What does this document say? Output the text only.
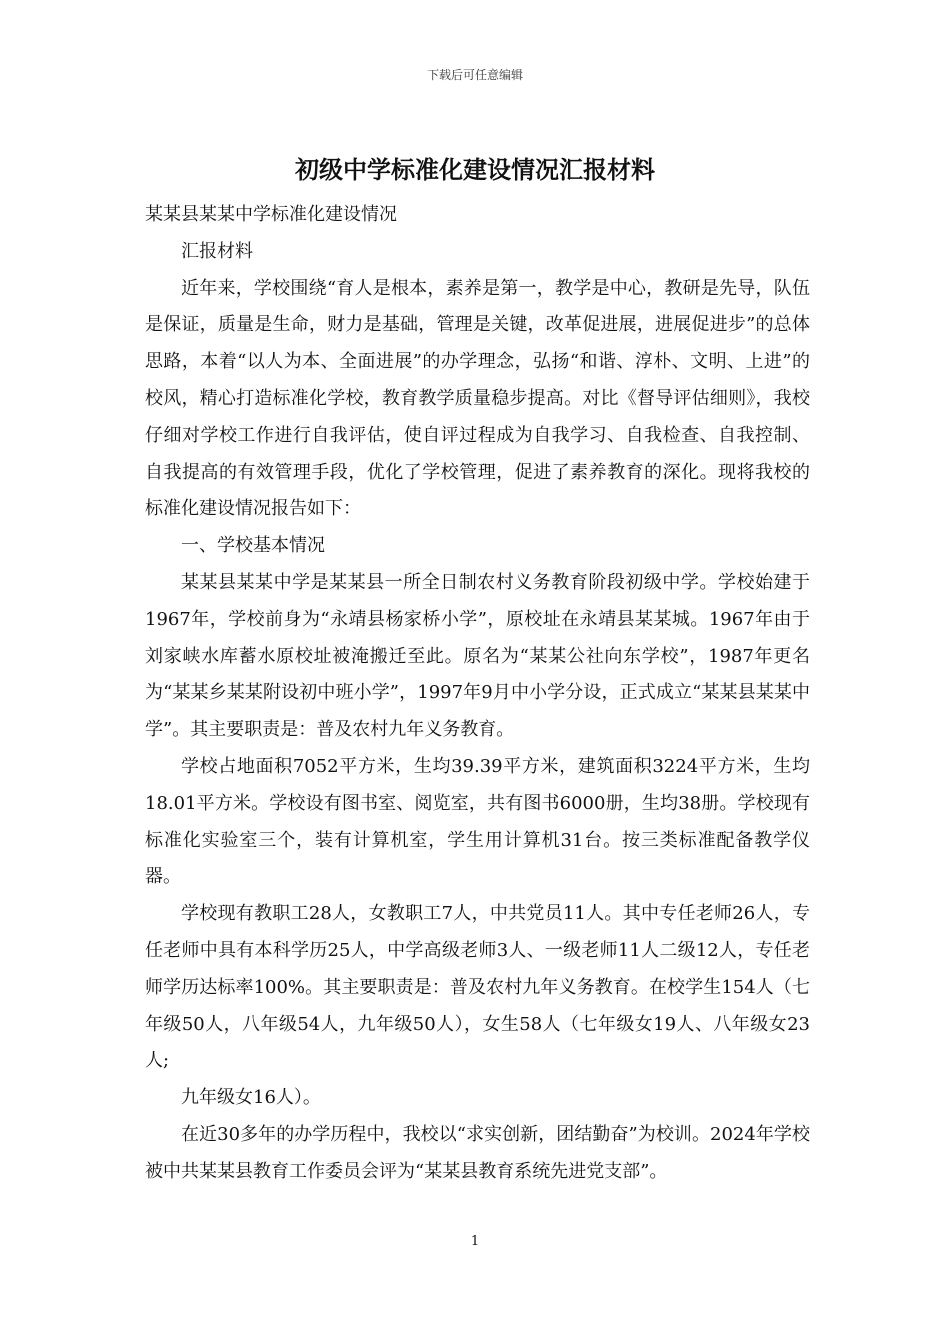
下载后可任意编辑
初级中学标准化建设情况汇报材料

某某县某某中学标准化建设情况

汇报材料

近年来，学校围绕“育人是根本，素养是第一，教学是中心，教研是先导，队伍是保证，质量是生命，财力是基础，管理是关键，改革促进展，进展促进步”的总体思路，本着“以人为本、全面进展”的办学理念，弘扬“和谐、淳朴、文明、上进”的校风，精心打造标准化学校，教育教学质量稳步提高。对比《督导评估细则》，我校仔细对学校工作进行自我评估，使自评过程成为自我学习、自我检查、自我控制、自我提高的有效管理手段，优化了学校管理，促进了素养教育的深化。现将我校的标准化建设情况报告如下：

一、学校基本情况

某某县某某中学是某某县一所全日制农村义务教育阶段初级中学。学校始建于1967年，学校前身为“永靖县杨家桥小学”，原校址在永靖县某某城。1967年由于刘家峡水库蓄水原校址被淹搬迁至此。原名为“某某公社向东学校”，1987年更名为“某某乡某某附设初中班小学”，1997年9月中小学分设，正式成立“某某县某某中学”。其主要职责是：普及农村九年义务教育。

学校占地面积7052平方米，生均39.39平方米，建筑面积3224平方米，生均18.01平方米。学校设有图书室、阅览室，共有图书6000册，生均38册。学校现有标准化实验室三个，装有计算机室，学生用计算机31台。按三类标准配备教学仪器。

学校现有教职工28人，女教职工7人，中共党员11人。其中专任老师26人，专任老师中具有本科学历25人，中学高级老师3人、一级老师11人二级12人，专任老师学历达标率100%。其主要职责是：普及农村九年义务教育。在校学生154人（七年级50人，八年级54人，九年级50人），女生58人（七年级女19人、八年级女23人;

九年级女16人）。

在近30多年的办学历程中，我校以“求实创新，团结勤奋”为校训。2024年学校被中共某某县教育工作委员会评为“某某县教育系统先进党支部”。

1
